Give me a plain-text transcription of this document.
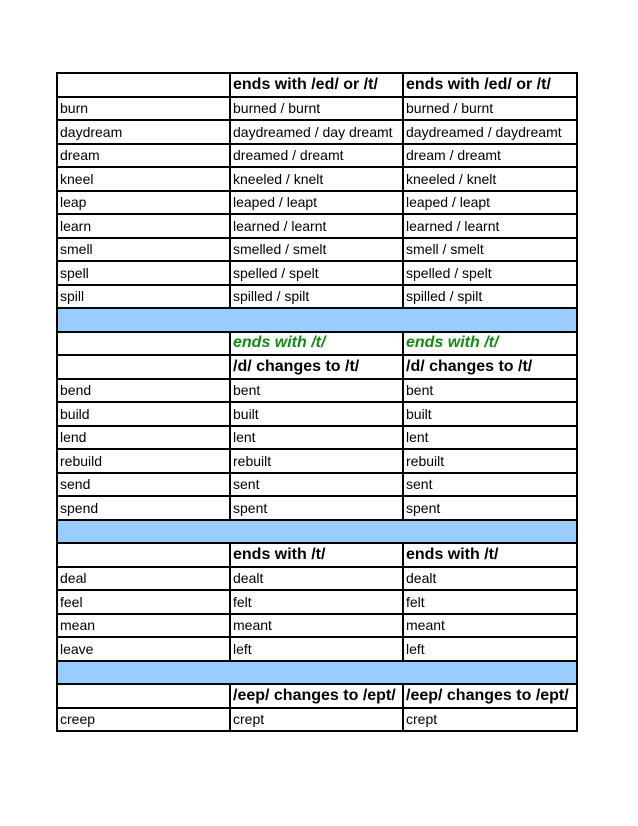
	ends with /ed/ or /t/	ends with /ed/ or /t/
burn	burned / burnt	burned / burnt
daydream	daydreamed / day dreamt	daydreamed / daydreamt
dream	dreamed / dreamt	dream / dreamt
kneel	kneeled / knelt	kneeled / knelt
leap	leaped / leapt	leaped / leapt
learn	learned / learnt	learned / learnt
smell	smelled / smelt	smell / smelt
spell	spelled / spelt	spelled / spelt
spill	spilled / spilt	spilled / spilt

	ends with /t/	ends with /t/
	/d/ changes to /t/	/d/ changes to /t/
bend	bent	bent
build	built	built
lend	lent	lent
rebuild	rebuilt	rebuilt
send	sent	sent
spend	spent	spent

	ends with /t/	ends with /t/
deal	dealt	dealt
feel	felt	felt
mean	meant	meant
leave	left	left

	/eep/ changes to /ept/	/eep/ changes to /ept/
creep	crept	crept
